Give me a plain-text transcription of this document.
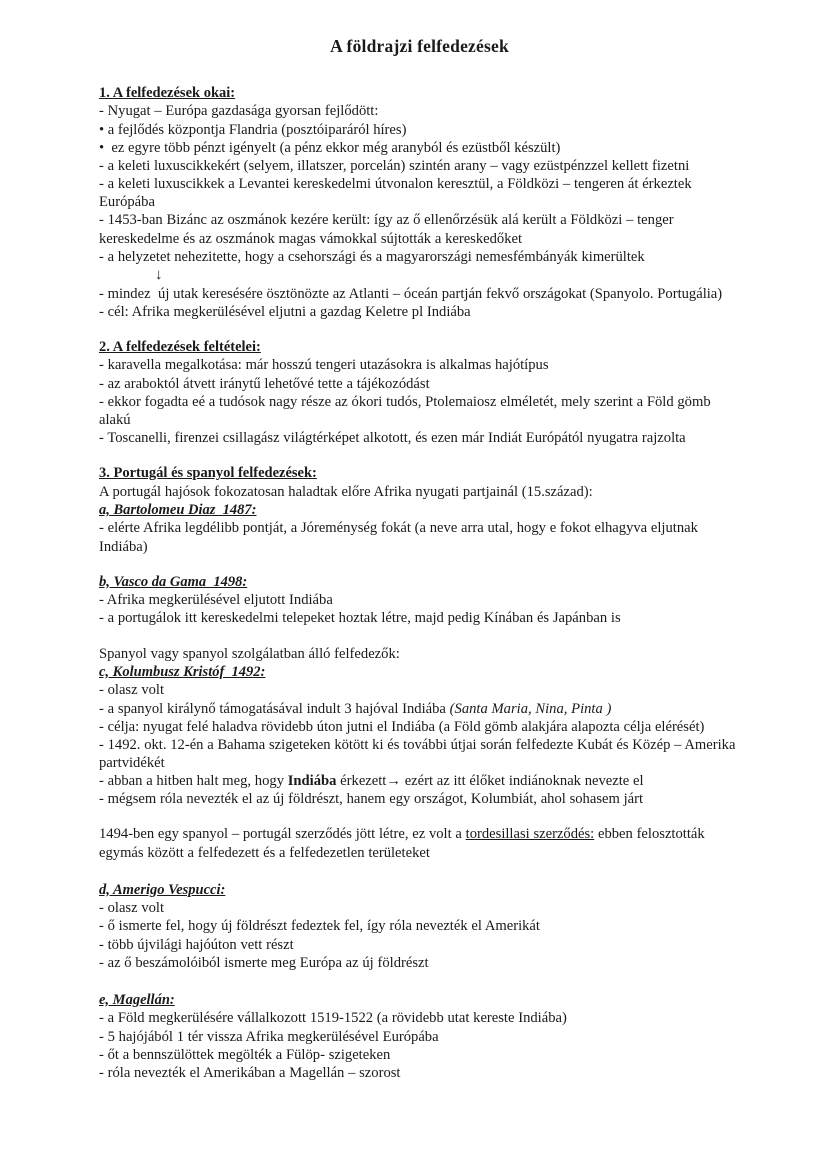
A földrajzi felfedezések
1. A felfedezések okai:
- Nyugat – Európa gazdasága gyorsan fejlődött:
• a fejlődés központja Flandria (posztóiparáról híres)
•  ez egyre több pénzt igényelt (a pénz ekkor még aranyból és ezüstből készült)
- a keleti luxuscikkekért (selyem, illatszer, porcelán) szintén arany – vagy ezüstpénzzel kellett fizetni
- a keleti luxuscikkek a Levantei kereskedelmi útvonalon keresztül, a Földközi – tengeren át érkeztek Európába
- 1453-ban Bizánc az oszmánok kezére került: így az ő ellenőrzésük alá került a Földközi – tenger kereskedelme és az oszmánok magas vámokkal sújtották a kereskedőket
- a helyzetet nehezitette, hogy a csehországi és a magyarországi nemesfémbányák kimerültek
↓
- mindez  új utak keresésére ösztönözte az Atlanti – óceán partján fekvő országokat (Spanyolo. Portugália)
- cél: Afrika megkerülésével eljutni a gazdag Keletre pl Indiába
2. A felfedezések feltételei:
- karavella megalkotása: már hosszú tengeri utazásokra is alkalmas hajótípus
- az araboktól átvett iránytű lehetővé tette a tájékozódást
- ekkor fogadta eé a tudósok nagy része az ókori tudós, Ptolemaiosz elméletét, mely szerint a Föld gömb alakú
- Toscanelli, firenzei csillagász világtérképet alkotott, és ezen már Indiát Európától nyugatra rajzolta
3. Portugál és spanyol felfedezések:
A portugál hajósok fokozatosan haladtak előre Afrika nyugati partjainál (15.század):
a, Bartolomeu Diaz  1487:
- elérte Afrika legdélibb pontját, a Jóreménység fokát (a neve arra utal, hogy e fokot elhagyva eljutnak Indiába)
b, Vasco da Gama  1498:
- Afrika megkerülésével eljutott Indiába
- a portugálok itt kereskedelmi telepeket hoztak létre, majd pedig Kínában és Japánban is
Spanyol vagy spanyol szolgálatban álló felfedezők:
c, Kolumbusz Kristóf  1492:
- olasz volt
- a spanyol királynő támogatásával indult 3 hajóval Indiába (Santa Maria, Nina, Pinta )
- célja: nyugat felé haladva rövidebb úton jutni el Indiába (a Föld gömb alakjára alapozta célja elérését)
- 1492. okt. 12-én a Bahama szigeteken kötött ki és további útjai során felfedezte Kubát és Közép – Amerika partvidékét
- abban a hitben halt meg, hogy Indiába érkezett→ ezért az itt élőket indiánoknak nevezte el
- mégsem róla nevezték el az új földrészt, hanem egy országot, Kolumbiát, ahol sohasem járt
1494-ben egy spanyol – portugál szerződés jött létre, ez volt a tordesillasi szerződés: ebben felosztották egymás között a felfedezett és a felfedezetlen területeket
d, Amerigo Vespucci:
- olasz volt
- ő ismerte fel, hogy új földrészt fedeztek fel, így róla nevezték el Amerikát
- több újvilági hajóúton vett részt
- az ő beszámolóiból ismerte meg Európa az új földrészt
e, Magellán:
- a Föld megkerülésére vállalkozott 1519-1522 (a rövidebb utat kereste Indiába)
- 5 hajójából 1 tér vissza Afrika megkerülésével Európába
- őt a bennszülöttek megölték a Fülöp- szigeteken
- róla nevezték el Amerikában a Magellán – szorost
